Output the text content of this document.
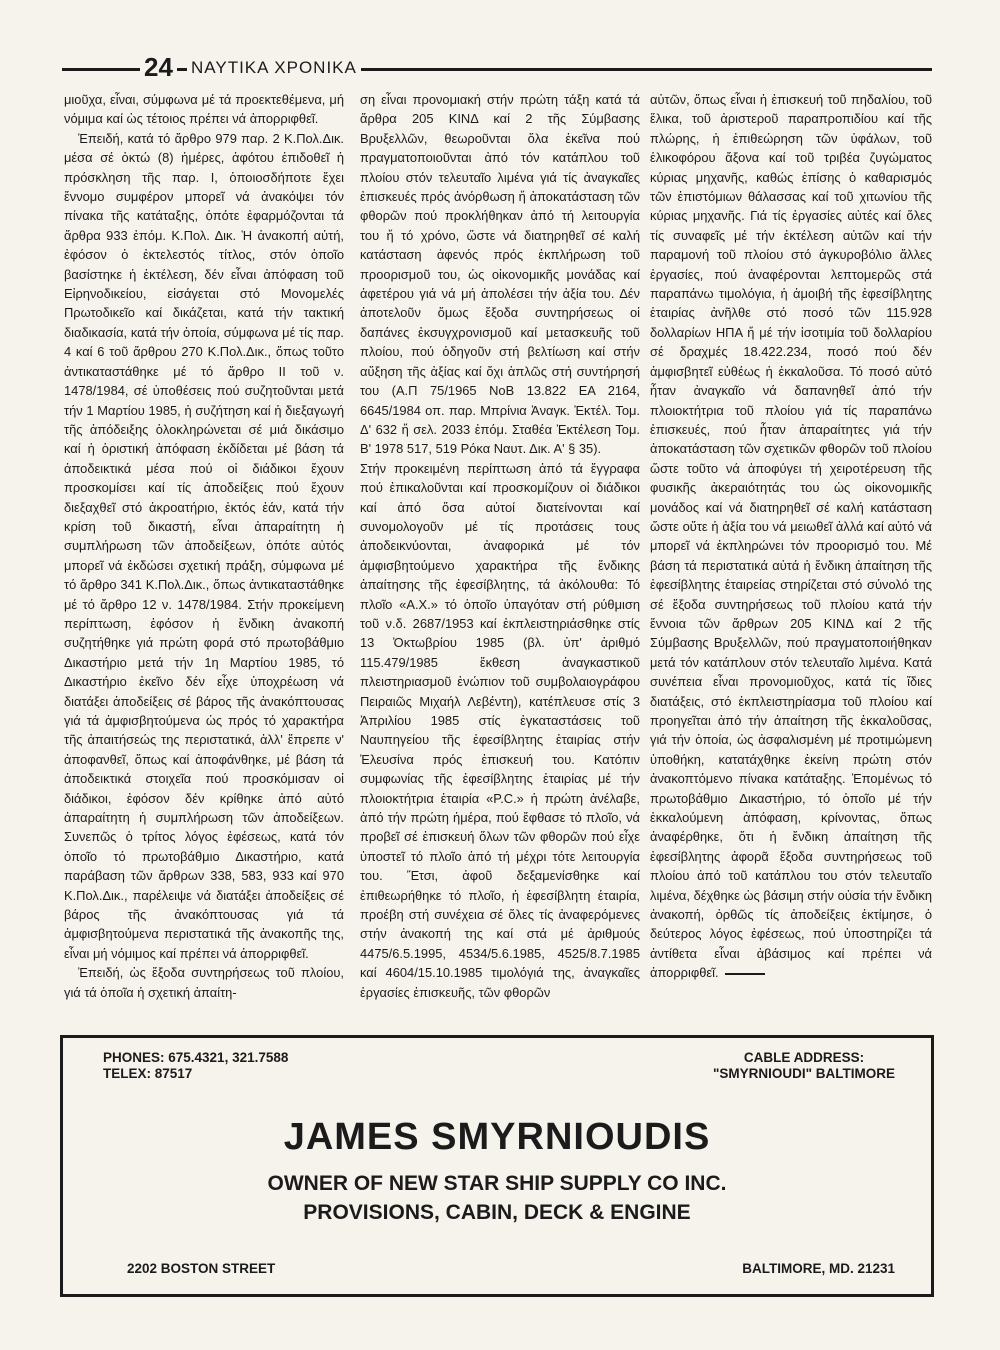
24 ΝΑΥΤΙΚΑ ΧΡΟΝΙΚΑ

μιοῦχα, εἶναι, σύμφωνα μέ τά προεκτεθέμενα, μή νόμιμα καί ὡς τέτοιος πρέπει νά ἀπορριφθεῖ.

Ἐπειδή, κατά τό ἄρθρο 979 παρ. 2 Κ.Πολ.Δικ. μέσα σέ ὀκτώ (8) ἡμέρες, ἀφότου ἐπιδοθεῖ ἡ πρόσκληση τῆς παρ. Ι, ὁποιοσδήποτε ἔχει ἔννομο συμφέρον μπορεῖ νά ἀνακόψει τόν πίνακα τῆς κατάταξης, ὁπότε ἐφαρμόζονται τά ἄρθρα 933 ἐπόμ. Κ.Πολ. Δικ. Ἡ ἀνακοπή αὐτή, ἐφόσον ὁ ἐκτελεστός τίτλος, στόν ὁποῖο βασίστηκε ἡ ἐκτέλεση, δέν εἶναι ἀπόφαση τοῦ Εἰρηνοδικείου, εἰσάγεται στό Μονομελές Πρωτοδικεῖο καί δικάζεται, κατά τήν τακτική διαδικασία, κατά τήν ὁποία, σύμφωνα μέ τίς παρ. 4 καί 6 τοῦ ἄρθρου 270 Κ.Πολ.Δικ., ὅπως τοῦτο ἀντικαταστάθηκε μέ τό ἄρθρο ΙΙ τοῦ ν. 1478/1984, σέ ὑποθέσεις πού συζητοῦνται μετά τήν 1 Μαρτίου 1985, ἡ συζήτηση καί ἡ διεξαγωγή τῆς ἀπόδειξης ὁλοκληρώνεται σέ μιά δικάσιμο καί ἡ ὁριστική ἀπόφαση ἐκδίδεται μέ βάση τά ἀποδεικτικά μέσα πού οἱ διάδικοι ἔχουν προσκομίσει καί τίς ἀποδείξεις πού ἔχουν διεξαχθεῖ στό ἀκροατήριο, ἐκτός ἐάν, κατά τήν κρίση τοῦ δικαστή, εἶναι ἀπαραίτητη ἡ συμπλήρωση τῶν ἀποδείξεων, ὁπότε αὐτός μπορεῖ νά ἐκδώσει σχετική πράξη, σύμφωνα μέ τό ἄρθρο 341 Κ.Πολ.Δικ., ὅπως ἀντικαταστάθηκε μέ τό ἄρθρο 12 ν. 1478/1984. Στήν προκείμενη περίπτωση, ἐφόσον ἡ ἔνδικη ἀνακοπή συζητήθηκε γιά πρώτη φορά στό πρωτοβάθμιο Δικαστήριο μετά τήν 1η Μαρτίου 1985, τό Δικαστήριο ἐκεῖνο δέν εἶχε ὑποχρέωση νά διατάξει ἀποδείξεις σέ βάρος τῆς ἀνακόπτουσας γιά τά ἀμφισβητούμενα ὡς πρός τό χαρακτήρα τῆς ἀπαιτήσεώς της περιστατικά, ἀλλ' ἔπρεπε ν' ἀποφανθεῖ, ὅπως καί ἀποφάνθηκε, μέ βάση τά ἀποδεικτικά στοιχεῖα πού προσκόμισαν οἱ διάδικοι, ἐφόσον δέν κρίθηκε ἀπό αὐτό ἀπαραίτητη ἡ συμπλήρωση τῶν ἀποδείξεων. Συνεπῶς ὁ τρίτος λόγος ἐφέσεως, κατά τόν ὁποῖο τό πρωτοβάθμιο Δικαστήριο, κατά παράβαση τῶν ἄρθρων 338, 583, 933 καί 970 Κ.Πολ.Δικ., παρέλειψε νά διατάξει ἀποδείξεις σέ βάρος τῆς ἀνακόπτουσας γιά τά ἀμφισβητούμενα περιστατικά τῆς ἀνακοπῆς της, εἶναι μή νόμιμος καί πρέπει νά ἀπορριφθεῖ.

Ἐπειδή, ὡς ἔξοδα συντηρήσεως τοῦ πλοίου, γιά τά ὁποῖα ἡ σχετική ἀπαίτη-

ση εἶναι προνομιακή στήν πρώτη τάξη κατά τά ἄρθρα 205 ΚΙΝΔ καί 2 τῆς Σύμβασης Βρυξελλῶν, θεωροῦνται ὅλα ἐκεῖνα πού πραγματοποιοῦνται ἀπό τόν κατάπλου τοῦ πλοίου στόν τελευταῖο λιμένα γιά τίς ἀναγκαῖες ἐπισκευές πρός ἀνόρθωση ἤ ἀποκατάσταση τῶν φθορῶν πού προκλήθηκαν ἀπό τή λειτουργία του ἤ τό χρόνο, ὥστε νά διατηρηθεῖ σέ καλή κατάσταση ἀφενός πρός ἐκπλήρωση τοῦ προορισμοῦ του, ὡς οἰκονομικῆς μονάδας καί ἀφετέρου γιά νά μή ἀπολέσει τήν ἀξία του. Δέν ἀποτελοῦν ὅμως ἔξοδα συντηρήσεως οἱ δαπάνες ἐκσυγχρονισμοῦ καί μετασκευῆς τοῦ πλοίου, πού ὁδηγοῦν στή βελτίωση καί στήν αὔξηση τῆς ἀξίας καί ὄχι ἁπλῶς στή συντήρησή του (Α.Π 75/1965 ΝοΒ 13.822 ΕΑ 2164, 6645/1984 οπ. παρ. Μπρίνια Ἀναγκ. Ἐκτέλ. Τομ. Δ' 632 ἤ σελ. 2033 ἐπόμ. Σταθέα Ἐκτέλεση Τομ. Β' 1978 517, 519 Ρόκα Ναυτ. Δικ. Α' § 35).

Στήν προκειμένη περίπτωση ἀπό τά ἔγγραφα πού ἐπικαλοῦνται καί προσκομίζουν οἱ διάδικοι καί ἀπό ὅσα αὐτοί διατείνονται καί συνομολογοῦν μέ τίς προτάσεις τους ἀποδεικνύονται, ἀναφορικά μέ τόν ἀμφισβητούμενο χαρακτήρα τῆς ἔνδικης ἀπαίτησης τῆς ἐφεσίβλητης, τά ἀκόλουθα: Τό πλοῖο «Α.Χ.» τό ὁποῖο ὑπαγόταν στή ρύθμιση τοῦ ν.δ. 2687/1953 καί ἐκπλειστηριάσθηκε στίς 13 Ὀκτωβρίου 1985 (βλ. ὑπ' ἀριθμό 115.479/1985 ἔκθεση ἀναγκαστικοῦ πλειστηριασμοῦ ἐνώπιον τοῦ συμβολαιογράφου Πειραιῶς Μιχαήλ Λεβέντη), κατέπλευσε στίς 3 Ἀπριλίου 1985 στίς ἐγκαταστάσεις τοῦ Ναυπηγείου τῆς ἐφεσίβλητης ἑταιρίας στήν Ἐλευσίνα πρός ἐπισκευή του. Κατόπιν συμφωνίας τῆς ἐφεσίβλητης ἑταιρίας μέ τήν πλοιοκτήτρια ἑταιρία «Ρ.C.» ἡ πρώτη ἀνέλαβε, ἀπό τήν πρώτη ἡμέρα, πού ἔφθασε τό πλοῖο, νά προβεῖ σέ ἐπισκευή ὅλων τῶν φθορῶν πού εἶχε ὑποστεῖ τό πλοῖο ἀπό τή μέχρι τότε λειτουργία του. Ἔτσι, ἀφοῦ δεξαμενίσθηκε καί ἐπιθεωρήθηκε τό πλοῖο, ἡ ἐφεσίβλητη ἑταιρία, προέβη στή συνέχεια σέ ὅλες τίς ἀναφερόμενες στήν ἀνακοπή της καί στά μέ ἀριθμούς 4475/6.5.1995, 4534/5.6.1985, 4525/8.7.1985 καί 4604/15.10.1985 τιμολόγιά της, ἀναγκαῖες ἐργασίες ἐπισκευῆς, τῶν φθορῶν

αὐτῶν, ὅπως εἶναι ἡ ἐπισκευή τοῦ πηδαλίου, τοῦ ἕλικα, τοῦ ἀριστεροῦ παραπροπιδίου καί τῆς πλώρης, ἡ ἐπιθεώρηση τῶν ὑφάλων, τοῦ ἑλικοφόρου ἄξονα καί τοῦ τριβέα ζυγώματος κύριας μηχανῆς, καθώς ἐπίσης ὁ καθαρισμός τῶν ἐπιστόμιων θάλασσας καί τοῦ χιτωνίου τῆς κύριας μηχανῆς. Γιά τίς ἐργασίες αὐτές καί ὅλες τίς συναφεῖς μέ τήν ἐκτέλεση αὐτῶν καί τήν παραμονή τοῦ πλοίου στό ἀγκυροβόλιο ἄλλες ἐργασίες, πού ἀναφέρονται λεπτομερῶς στά παραπάνω τιμολόγια, ἡ ἀμοιβή τῆς ἐφεσίβλητης ἑταιρίας ἀνῆλθε στό ποσό τῶν 115.928 δολλαρίων ΗΠΑ ἤ μέ τήν ἰσοτιμία τοῦ δολλαρίου σέ δραχμές 18.422.234, ποσό πού δέν ἀμφισβητεῖ εὐθέως ἡ ἐκκαλοῦσα. Τό ποσό αὐτό ἦταν ἀναγκαῖο νά δαπανηθεῖ ἀπό τήν πλοιοκτήτρια τοῦ πλοίου γιά τίς παραπάνω ἐπισκευές, πού ἦταν ἀπαραίτητες γιά τήν ἀποκατάσταση τῶν σχετικῶν φθορῶν τοῦ πλοίου ὥστε τοῦτο νά ἀποφύγει τή χειροτέρευση τῆς φυσικῆς ἀκεραιότητάς του ὡς οἰκονομικῆς μονάδος καί νά διατηρηθεῖ σέ καλή κατάσταση ὥστε οὔτε ἡ ἀξία του νά μειωθεῖ ἀλλά καί αὐτό νά μπορεῖ νά ἐκπληρώνει τόν προορισμό του. Μέ βάση τά περιστατικά αὐτά ἡ ἔνδικη ἀπαίτηση τῆς ἐφεσίβλητης ἑταιρείας στηρίζεται στό σύνολό της σέ ἔξοδα συντηρήσεως τοῦ πλοίου κατά τήν ἔννοια τῶν ἄρθρων 205 ΚΙΝΔ καί 2 τῆς Σύμβασης Βρυξελλῶν, πού πραγματοποιήθηκαν μετά τόν κατάπλουν στόν τελευταῖο λιμένα. Κατά συνέπεια εἶναι προνομιοῦχος, κατά τίς ἴδιες διατάξεις, στό ἐκπλειστηρίασμα τοῦ πλοίου καί προηγεῖται ἀπό τήν ἀπαίτηση τῆς ἐκκαλοῦσας, γιά τήν ὁποία, ὡς ἀσφαλισμένη μέ προτιμώμενη ὑποθήκη, κατατάχθηκε ἐκείνη πρώτη στόν ἀνακοπτόμενο πίνακα κατάταξης. Ἑπομένως τό πρωτοβάθμιο Δικαστήριο, τό ὁποῖο μέ τήν ἐκκαλούμενη ἀπόφαση, κρίνοντας, ὅπως ἀναφέρθηκε, ὅτι ἡ ἔνδικη ἀπαίτηση τῆς ἐφεσίβλητης ἀφορᾶ ἔξοδα συντηρήσεως τοῦ πλοίου ἀπό τοῦ κατάπλου του στόν τελευταῖο λιμένα, δέχθηκε ὡς βάσιμη στήν οὐσία τήν ἔνδικη ἀνακοπή, ὀρθῶς τίς ἀποδείξεις ἐκτίμησε, ὁ δεύτερος λόγος ἐφέσεως, πού ὑποστηρίζει τά ἀντίθετα εἶναι ἀβάσιμος καί πρέπει νά ἀπορριφθεῖ.

PHONES: 675.4321, 321.7588
TELEX: 87517
CABLE ADDRESS:
"SMYRNIOUDI" BALTIMORE
JAMES SMYRNIOUDIS
OWNER OF NEW STAR SHIP SUPPLY CO INC.
PROVISIONS, CABIN, DECK & ENGINE
2202 BOSTON STREET	BALTIMORE, MD. 21231
